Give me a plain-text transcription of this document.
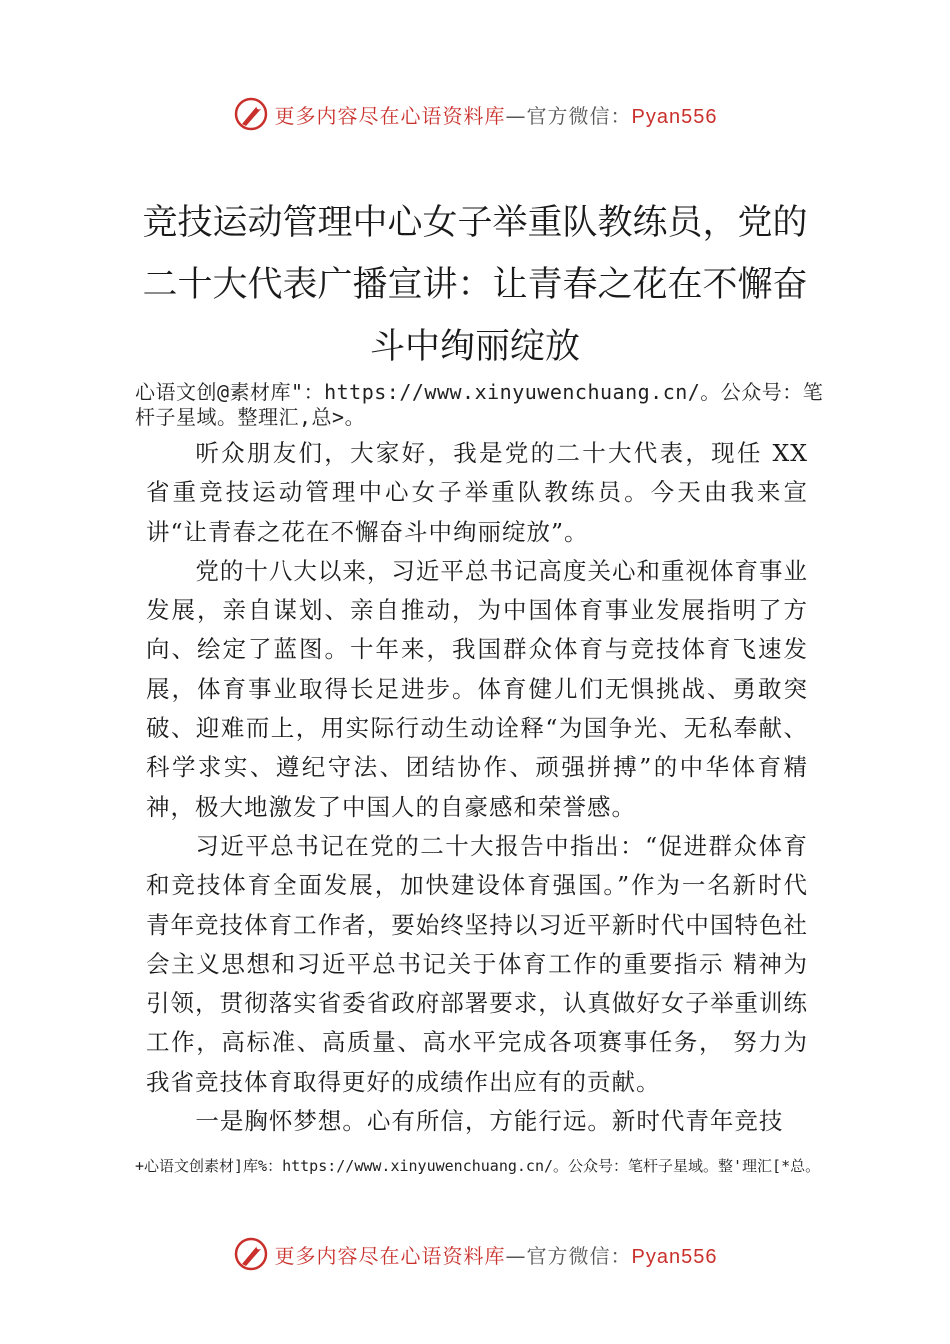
更多内容尽在心语资料库—官方微信：Pyan556
竞技运动管理中心女子举重队教练员，党的二十大代表广播宣讲：让青春之花在不懈奋斗中绚丽绽放
心语文创@素材库"：https://www.xinyuwenchuang.cn/。公众号：笔杆子星域。整理汇,总>。

听众朋友们，大家好，我是党的二十大代表，现任 XX 省重竞技运动管理中心女子举重队教练员。今天由我来宣讲“让青春之花在不懈奋斗中绚丽绽放”。

党的十八大以来，习近平总书记高度关心和重视体育事业发展，亲自谋划、亲自推动，为中国体育事业发展指明了方向、绘定了蓝图。十年来，我国群众体育与竞技体育飞速发展，体育事业取得长足进步。体育健儿们无惧挑战、勇敢突破、迎难而上，用实际行动生动诠释“为国争光、无私奉献、科学求实、遵纪守法、团结协作、顽强拼搏”的中华体育精神，极大地激发了中国人的自豪感和荣誉感。

习近平总书记在党的二十大报告中指出：“促进群众体育和竞技体育全面发展，加快建设体育强国。”作为一名新时代青年竞技体育工作者，要始终坚持以习近平新时代中国特色社会主义思想和习近平总书记关于体育工作的重要指示 精神为引领，贯彻落实省委省政府部署要求，认真做好女子举重训练工作，高标准、高质量、高水平完成各项赛事任务， 努力为我省竞技体育取得更好的成绩作出应有的贡献。

一是胸怀梦想。心有所信，方能行远。新时代青年竞技

+心语文创素材]库%：https://www.xinyuwenchuang.cn/。公众号：笔杆子星域。整'理汇[*总。
更多内容尽在心语资料库—官方微信：Pyan556
